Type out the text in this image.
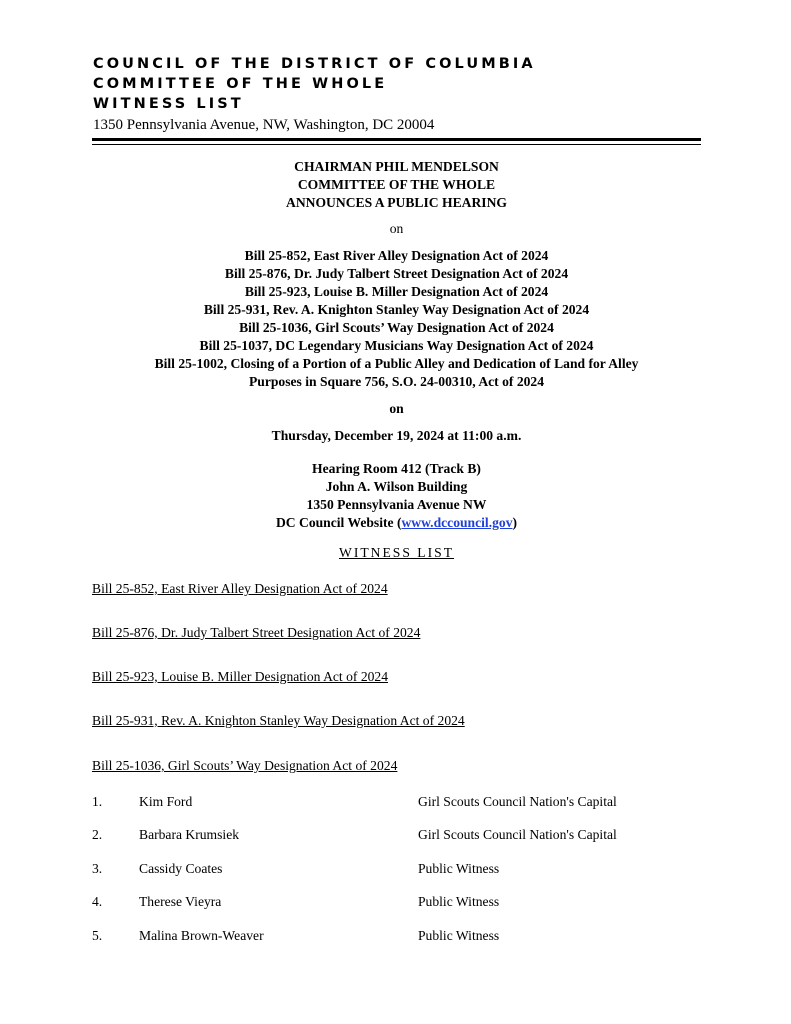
COUNCIL OF THE DISTRICT OF COLUMBIA
COMMITTEE OF THE WHOLE
WITNESS LIST
1350 Pennsylvania Avenue, NW, Washington, DC 20004
CHAIRMAN PHIL MENDELSON
COMMITTEE OF THE WHOLE
ANNOUNCES A PUBLIC HEARING
on
Bill 25-852, East River Alley Designation Act of 2024
Bill 25-876, Dr. Judy Talbert Street Designation Act of 2024
Bill 25-923, Louise B. Miller Designation Act of 2024
Bill 25-931, Rev. A. Knighton Stanley Way Designation Act of 2024
Bill 25-1036, Girl Scouts’ Way Designation Act of 2024
Bill 25-1037, DC Legendary Musicians Way Designation Act of 2024
Bill 25-1002, Closing of a Portion of a Public Alley and Dedication of Land for Alley
Purposes in Square 756, S.O. 24-00310, Act of 2024
on
Thursday, December 19, 2024 at 11:00 a.m.
Hearing Room 412 (Track B)
John A. Wilson Building
1350 Pennsylvania Avenue NW
DC Council Website (www.dccouncil.gov)
WITNESS LIST
Bill 25-852, East River Alley Designation Act of 2024
Bill 25-876, Dr. Judy Talbert Street Designation Act of 2024
Bill 25-923, Louise B. Miller Designation Act of 2024
Bill 25-931, Rev. A. Knighton Stanley Way Designation Act of 2024
Bill 25-1036, Girl Scouts’ Way Designation Act of 2024
1.	Kim Ford	Girl Scouts Council Nation's Capital
2.	Barbara Krumsiek	Girl Scouts Council Nation's Capital
3.	Cassidy Coates	Public Witness
4.	Therese Vieyra	Public Witness
5.	Malina Brown-Weaver	Public Witness
